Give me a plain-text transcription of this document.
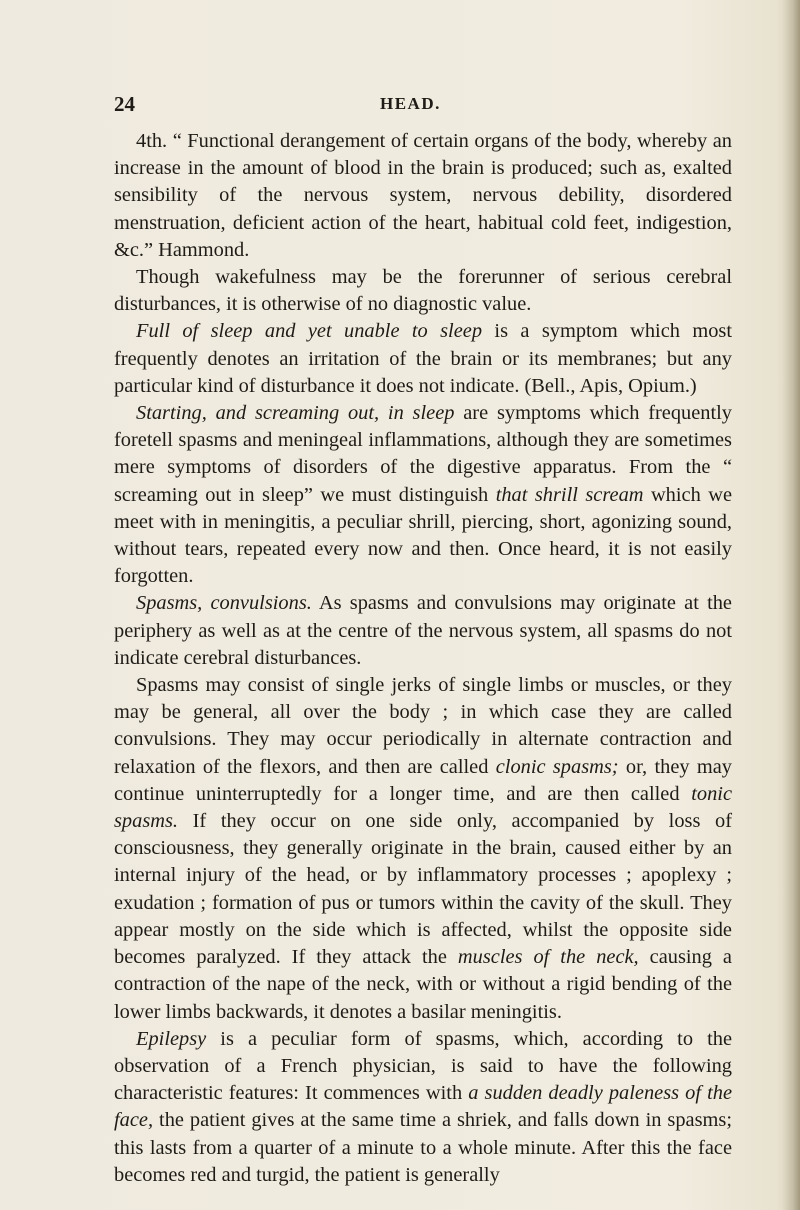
24	HEAD.

4th. “ Functional derangement of certain organs of the body, whereby an increase in the amount of blood in the brain is produced; such as, exalted sensibility of the nervous system, nervous debility, disordered menstruation, deficient action of the heart, habitual cold feet, indigestion, &c.” Hammond.

Though wakefulness may be the forerunner of serious cerebral disturbances, it is otherwise of no diagnostic value.

Full of sleep and yet unable to sleep is a symptom which most frequently denotes an irritation of the brain or its membranes; but any particular kind of disturbance it does not indicate. (Bell., Apis, Opium.)

Starting, and screaming out, in sleep are symptoms which frequently foretell spasms and meningeal inflammations, although they are sometimes mere symptoms of disorders of the digestive apparatus. From the “ screaming out in sleep” we must distinguish that shrill scream which we meet with in meningitis, a peculiar shrill, piercing, short, agonizing sound, without tears, repeated every now and then. Once heard, it is not easily forgotten.

Spasms, convulsions. As spasms and convulsions may originate at the periphery as well as at the centre of the nervous system, all spasms do not indicate cerebral disturbances.

Spasms may consist of single jerks of single limbs or muscles, or they may be general, all over the body ; in which case they are called convulsions. They may occur periodically in alternate contraction and relaxation of the flexors, and then are called clonic spasms; or, they may continue uninterruptedly for a longer time, and are then called tonic spasms. If they occur on one side only, accompanied by loss of consciousness, they generally originate in the brain, caused either by an internal injury of the head, or by inflammatory processes ; apoplexy ; exudation ; formation of pus or tumors within the cavity of the skull. They appear mostly on the side which is affected, whilst the opposite side becomes paralyzed. If they attack the muscles of the neck, causing a contraction of the nape of the neck, with or without a rigid bending of the lower limbs backwards, it denotes a basilar meningitis.

Epilepsy is a peculiar form of spasms, which, according to the observation of a French physician, is said to have the following characteristic features: It commences with a sudden deadly paleness of the face, the patient gives at the same time a shriek, and falls down in spasms; this lasts from a quarter of a minute to a whole minute. After this the face becomes red and turgid, the patient is generally
